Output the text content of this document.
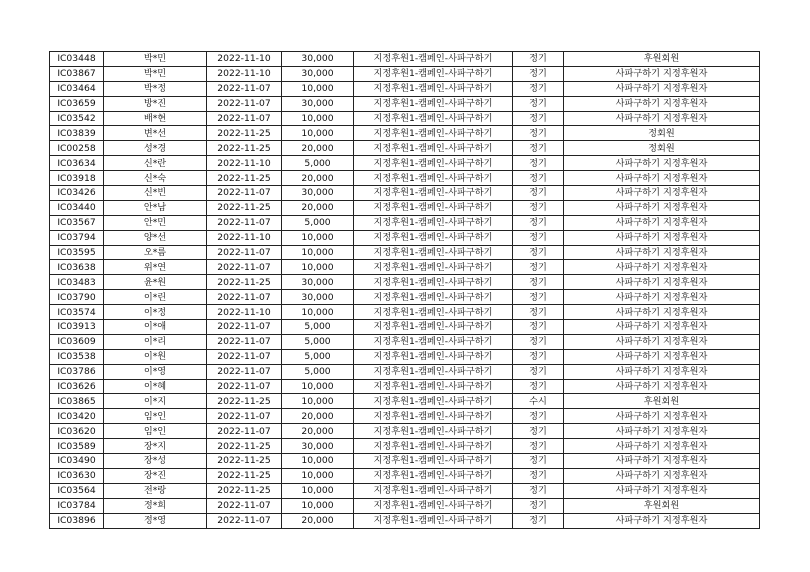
IC03448	박*민	2022-11-10	30,000	지정후원1-캠페인-사파구하기	정기	후원회원
IC03867	박*민	2022-11-10	30,000	지정후원1-캠페인-사파구하기	정기	사파구하기 지정후원자
IC03464	박*정	2022-11-07	10,000	지정후원1-캠페인-사파구하기	정기	사파구하기 지정후원자
IC03659	방*진	2022-11-07	30,000	지정후원1-캠페인-사파구하기	정기	사파구하기 지정후원자
IC03542	배*현	2022-11-07	10,000	지정후원1-캠페인-사파구하기	정기	사파구하기 지정후원자
IC03839	변*선	2022-11-25	10,000	지정후원1-캠페인-사파구하기	정기	정회원
IC00258	성*경	2022-11-25	20,000	지정후원1-캠페인-사파구하기	정기	정회원
IC03634	신*란	2022-11-10	5,000	지정후원1-캠페인-사파구하기	정기	사파구하기 지정후원자
IC03918	신*숙	2022-11-25	20,000	지정후원1-캠페인-사파구하기	정기	사파구하기 지정후원자
IC03426	신*빈	2022-11-07	30,000	지정후원1-캠페인-사파구하기	정기	사파구하기 지정후원자
IC03440	안*남	2022-11-25	20,000	지정후원1-캠페인-사파구하기	정기	사파구하기 지정후원자
IC03567	안*민	2022-11-07	5,000	지정후원1-캠페인-사파구하기	정기	사파구하기 지정후원자
IC03794	양*선	2022-11-10	10,000	지정후원1-캠페인-사파구하기	정기	사파구하기 지정후원자
IC03595	오*름	2022-11-07	10,000	지정후원1-캠페인-사파구하기	정기	사파구하기 지정후원자
IC03638	위*연	2022-11-07	10,000	지정후원1-캠페인-사파구하기	정기	사파구하기 지정후원자
IC03483	윤*원	2022-11-25	30,000	지정후원1-캠페인-사파구하기	정기	사파구하기 지정후원자
IC03790	이*린	2022-11-07	30,000	지정후원1-캠페인-사파구하기	정기	사파구하기 지정후원자
IC03574	이*정	2022-11-10	10,000	지정후원1-캠페인-사파구하기	정기	사파구하기 지정후원자
IC03913	이*애	2022-11-07	5,000	지정후원1-캠페인-사파구하기	정기	사파구하기 지정후원자
IC03609	이*리	2022-11-07	5,000	지정후원1-캠페인-사파구하기	정기	사파구하기 지정후원자
IC03538	이*원	2022-11-07	5,000	지정후원1-캠페인-사파구하기	정기	사파구하기 지정후원자
IC03786	이*영	2022-11-07	5,000	지정후원1-캠페인-사파구하기	정기	사파구하기 지정후원자
IC03626	이*혜	2022-11-07	10,000	지정후원1-캠페인-사파구하기	정기	사파구하기 지정후원자
IC03865	이*지	2022-11-25	10,000	지정후원1-캠페인-사파구하기	수시	후원회원
IC03420	임*인	2022-11-07	20,000	지정후원1-캠페인-사파구하기	정기	사파구하기 지정후원자
IC03620	임*인	2022-11-07	20,000	지정후원1-캠페인-사파구하기	정기	사파구하기 지정후원자
IC03589	장*지	2022-11-25	30,000	지정후원1-캠페인-사파구하기	정기	사파구하기 지정후원자
IC03490	장*성	2022-11-25	10,000	지정후원1-캠페인-사파구하기	정기	사파구하기 지정후원자
IC03630	장*진	2022-11-25	10,000	지정후원1-캠페인-사파구하기	정기	사파구하기 지정후원자
IC03564	전*랑	2022-11-25	10,000	지정후원1-캠페인-사파구하기	정기	사파구하기 지정후원자
IC03784	정*희	2022-11-07	10,000	지정후원1-캠페인-사파구하기	정기	후원회원
IC03896	정*영	2022-11-07	20,000	지정후원1-캠페인-사파구하기	정기	사파구하기 지정후원자
